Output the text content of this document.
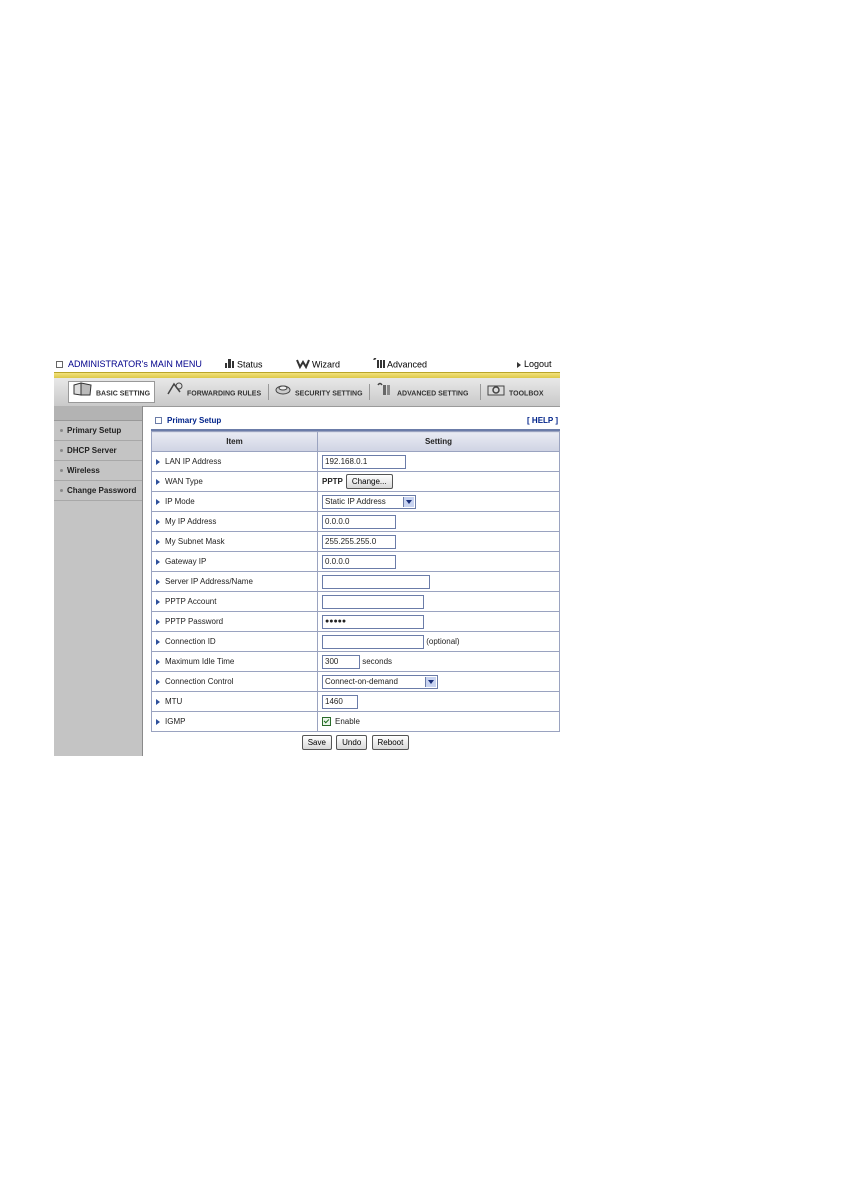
ADMINISTRATOR's MAIN MENU	Status	Wizard	Advanced	Logout
BASIC SETTING	FORWARDING RULES	SECURITY SETTING	ADVANCED SETTING	TOOLBOX
Primary Setup
DHCP Server
Wireless
Change Password
Primary Setup	[ HELP ]
Item	Setting
LAN IP Address	192.168.0.1
WAN Type	PPTP Change...
IP Mode	Static IP Address

My IP Address	0.0.0.0
My Subnet Mask	255.255.255.0
Gateway IP	0.0.0.0
Server IP Address/Name	
PPTP Account	
PPTP Password	●●●●●
Connection ID	(optional)
Maximum Idle Time	300 seconds
Connection Control	Connect-on-demand

MTU	1460
IGMP	Enable
Save Undo Reboot
